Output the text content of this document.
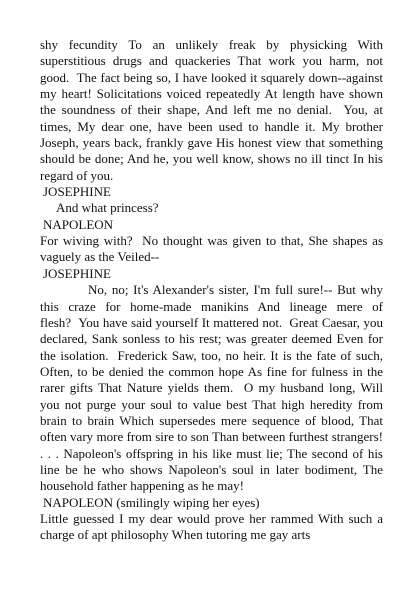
shy fecundity To an unlikely freak by physicking With superstitious drugs and quackeries That work you harm, not good.  The fact being so, I have looked it squarely down--against my heart! Solicitations voiced repeatedly At length have shown the soundness of their shape, And left me no denial.  You, at times, My dear one, have been used to handle it. My brother Joseph, years back, frankly gave His honest view that something should be done; And he, you well know, shows no ill tinct In his regard of you.

JOSEPHINE

And what princess?

NAPOLEON

For wiving with?  No thought was given to that, She shapes as vaguely as the Veiled--

JOSEPHINE

No, no; It's Alexander's sister, I'm full sure!-- But why this craze for home-made manikins And lineage mere of flesh?  You have said yourself It mattered not.  Great Caesar, you declared, Sank sonless to his rest; was greater deemed Even for the isolation.  Frederick Saw, too, no heir. It is the fate of such, Often, to be denied the common hope As fine for fulness in the rarer gifts That Nature yields them.  O my husband long, Will you not purge your soul to value best That high heredity from brain to brain Which supersedes mere sequence of blood, That often vary more from sire to son Than between furthest strangers! . . . Napoleon's offspring in his like must lie; The second of his line be he who shows Napoleon's soul in later bodiment, The household father happening as he may!

NAPOLEON (smilingly wiping her eyes)

Little guessed I my dear would prove her rammed With such a charge of apt philosophy When tutoring me gay arts
